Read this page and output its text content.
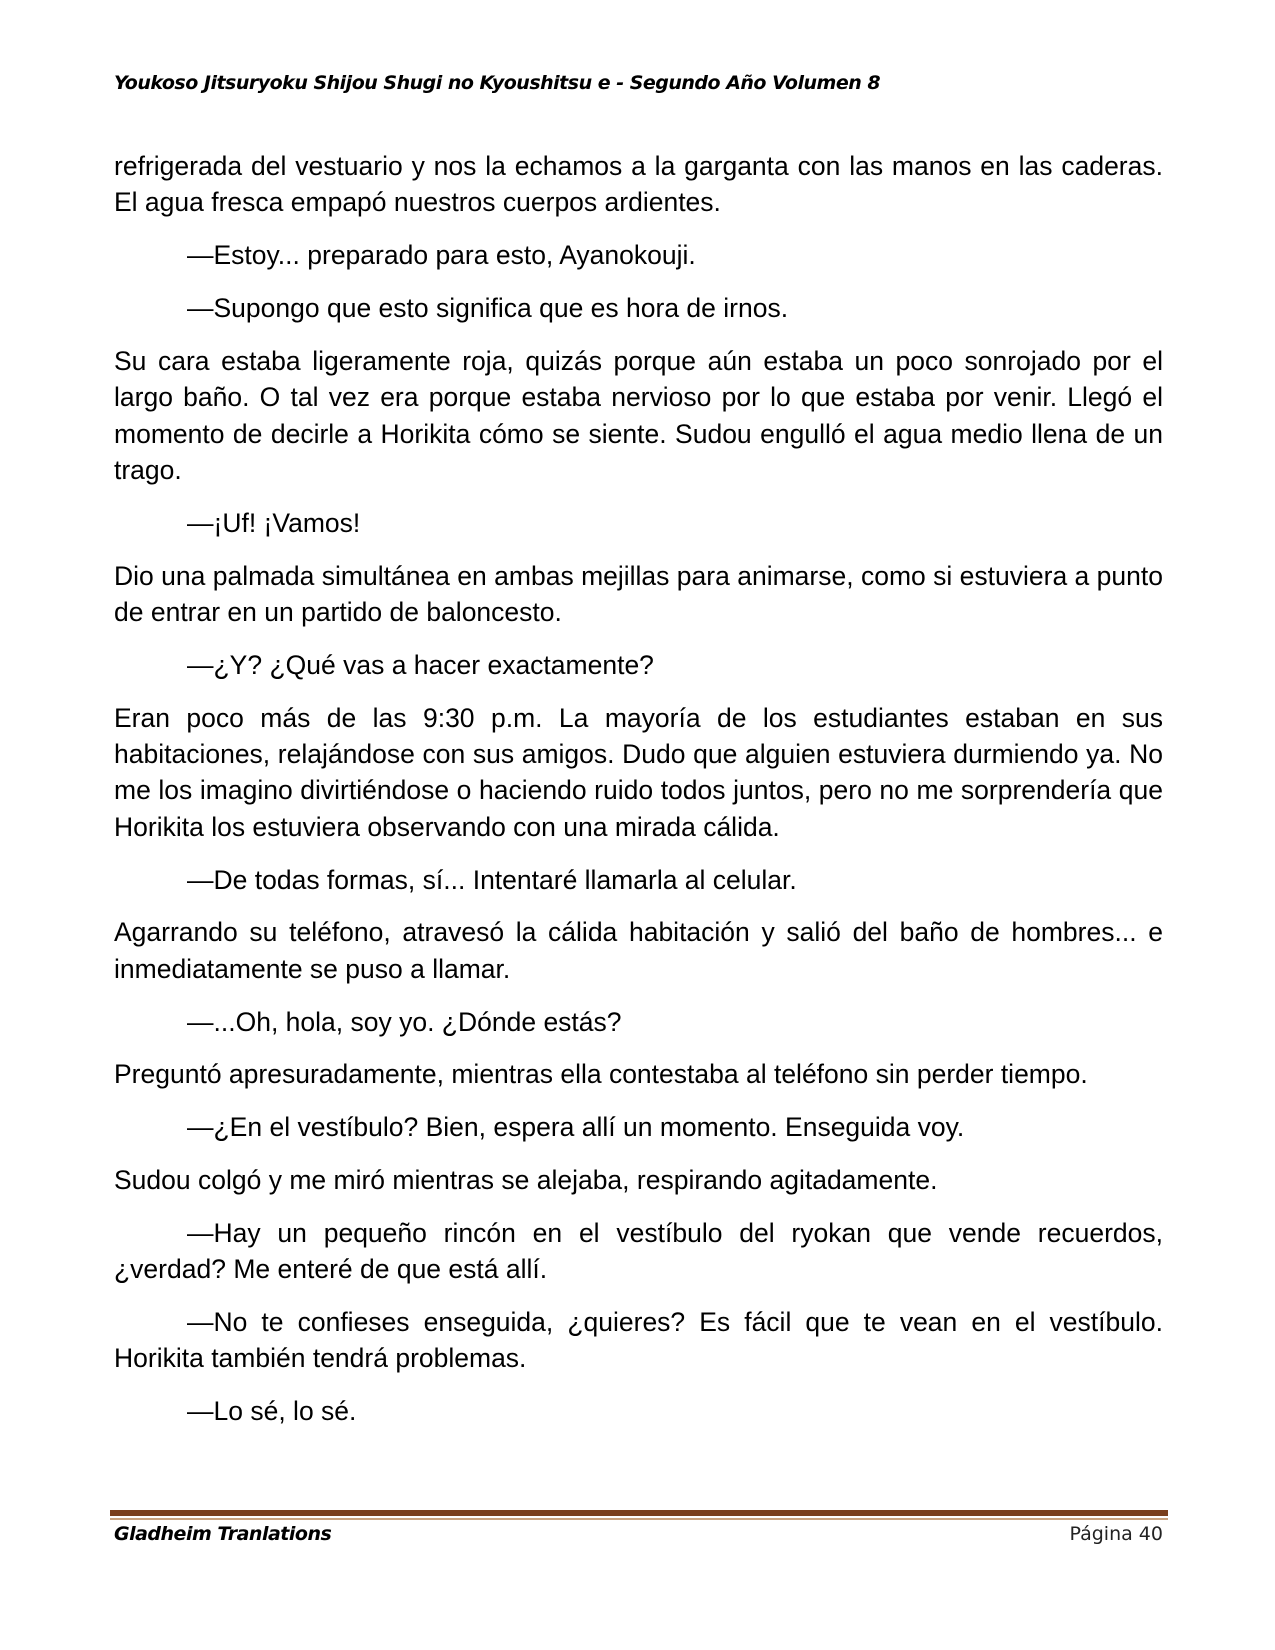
Youkoso Jitsuryoku Shijou Shugi no Kyoushitsu e - Segundo Año Volumen 8

refrigerada del vestuario y nos la echamos a la garganta con las manos en las caderas. El agua fresca empapó nuestros cuerpos ardientes.

—Estoy... preparado para esto, Ayanokouji.

—Supongo que esto significa que es hora de irnos.

Su cara estaba ligeramente roja, quizás porque aún estaba un poco sonrojado por el largo baño. O tal vez era porque estaba nervioso por lo que estaba por venir. Llegó el momento de decirle a Horikita cómo se siente. Sudou engulló el agua medio llena de un trago.

—¡Uf! ¡Vamos!

Dio una palmada simultánea en ambas mejillas para animarse, como si estuviera a punto de entrar en un partido de baloncesto.

—¿Y? ¿Qué vas a hacer exactamente?

Eran poco más de las 9:30 p.m. La mayoría de los estudiantes estaban en sus habitaciones, relajándose con sus amigos. Dudo que alguien estuviera durmiendo ya. No me los imagino divirtiéndose o haciendo ruido todos juntos, pero no me sorprendería que Horikita los estuviera observando con una mirada cálida.

—De todas formas, sí... Intentaré llamarla al celular.

Agarrando su teléfono, atravesó la cálida habitación y salió del baño de hombres... e inmediatamente se puso a llamar.

—...Oh, hola, soy yo. ¿Dónde estás?

Preguntó apresuradamente, mientras ella contestaba al teléfono sin perder tiempo.

—¿En el vestíbulo? Bien, espera allí un momento. Enseguida voy.

Sudou colgó y me miró mientras se alejaba, respirando agitadamente.

—Hay un pequeño rincón en el vestíbulo del ryokan que vende recuerdos, ¿verdad? Me enteré de que está allí.

—No te confieses enseguida, ¿quieres? Es fácil que te vean en el vestíbulo. Horikita también tendrá problemas.

—Lo sé, lo sé.

Gladheim Tranlations	Página 40
